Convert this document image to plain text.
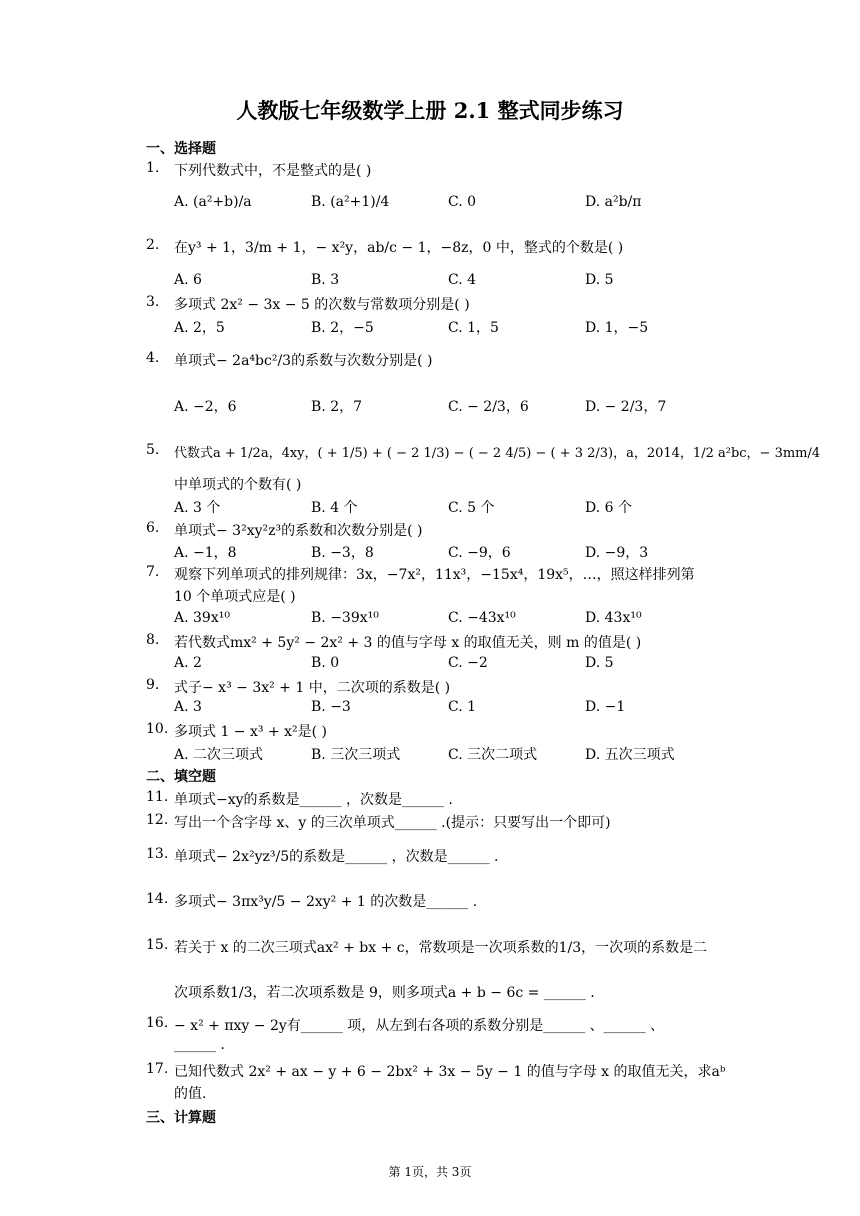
人教版七年级数学上册 2.1 整式同步练习
一、选择题
1. 下列代数式中，不是整式的是( )
A. (a²+b)/a	B. (a²+1)/4	C. 0	D. a²b/π
2. 在y³ + 1，3/m + 1，− x²y，ab/c − 1，−8z，0 中，整式的个数是( )
A. 6	B. 3	C. 4	D. 5
3. 多项式 2x² − 3x − 5 的次数与常数项分别是( )
A. 2，5	B. 2，−5	C. 1，5	D. 1，−5
4. 单项式− 2a⁴bc²/3的系数与次数分别是( )
A. −2，6	B. 2，7	C. − 2/3，6	D. − 2/3，7
5. 代数式a + 1/2a，4xy，( + 1/5) + ( − 2 1/3) − ( − 2 4/5) − ( + 3 2/3)，a，2014，1/2 a²bc，− 3mm/4
中单项式的个数有( )
A. 3 个	B. 4 个	C. 5 个	D. 6 个
6. 单项式− 3²xy²z³的系数和次数分别是( )
A. −1，8	B. −3，8	C. −9，6	D. −9，3
7. 观察下列单项式的排列规律：3x，−7x²，11x³，−15x⁴，19x⁵，…，照这样排列第
10 个单项式应是( )
A. 39x¹⁰	B. −39x¹⁰	C. −43x¹⁰	D. 43x¹⁰
8. 若代数式mx² + 5y² − 2x² + 3 的值与字母 x 的取值无关，则 m 的值是( )
A. 2	B. 0	C. −2	D. 5
9. 式子− x³ − 3x² + 1 中，二次项的系数是( )
A. 3	B. −3	C. 1	D. −1
10. 多项式 1 − x³ + x²是( )
A. 二次三项式	B. 三次三项式	C. 三次二项式	D. 五次三项式
二、填空题
11. 单项式−xy的系数是______ ，次数是______ .
12. 写出一个含字母 x、y 的三次单项式______ .(提示：只要写出一个即可)
13. 单项式− 2x²yz³/5的系数是______ ，次数是______ .
14. 多项式− 3πx³y/5 − 2xy² + 1 的次数是______ .
15. 若关于 x 的二次三项式ax² + bx + c，常数项是一次项系数的1/3，一次项的系数是二
次项系数1/3，若二次项系数是 9，则多项式a + b − 6c = ______ .
16. − x² + πxy − 2y有______ 项，从左到右各项的系数分别是______ 、______ 、
______ .
17. 已知代数式 2x² + ax − y + 6 − 2bx² + 3x − 5y − 1 的值与字母 x 的取值无关，求aᵇ
的值.
三、计算题
第 1页，共 3页
